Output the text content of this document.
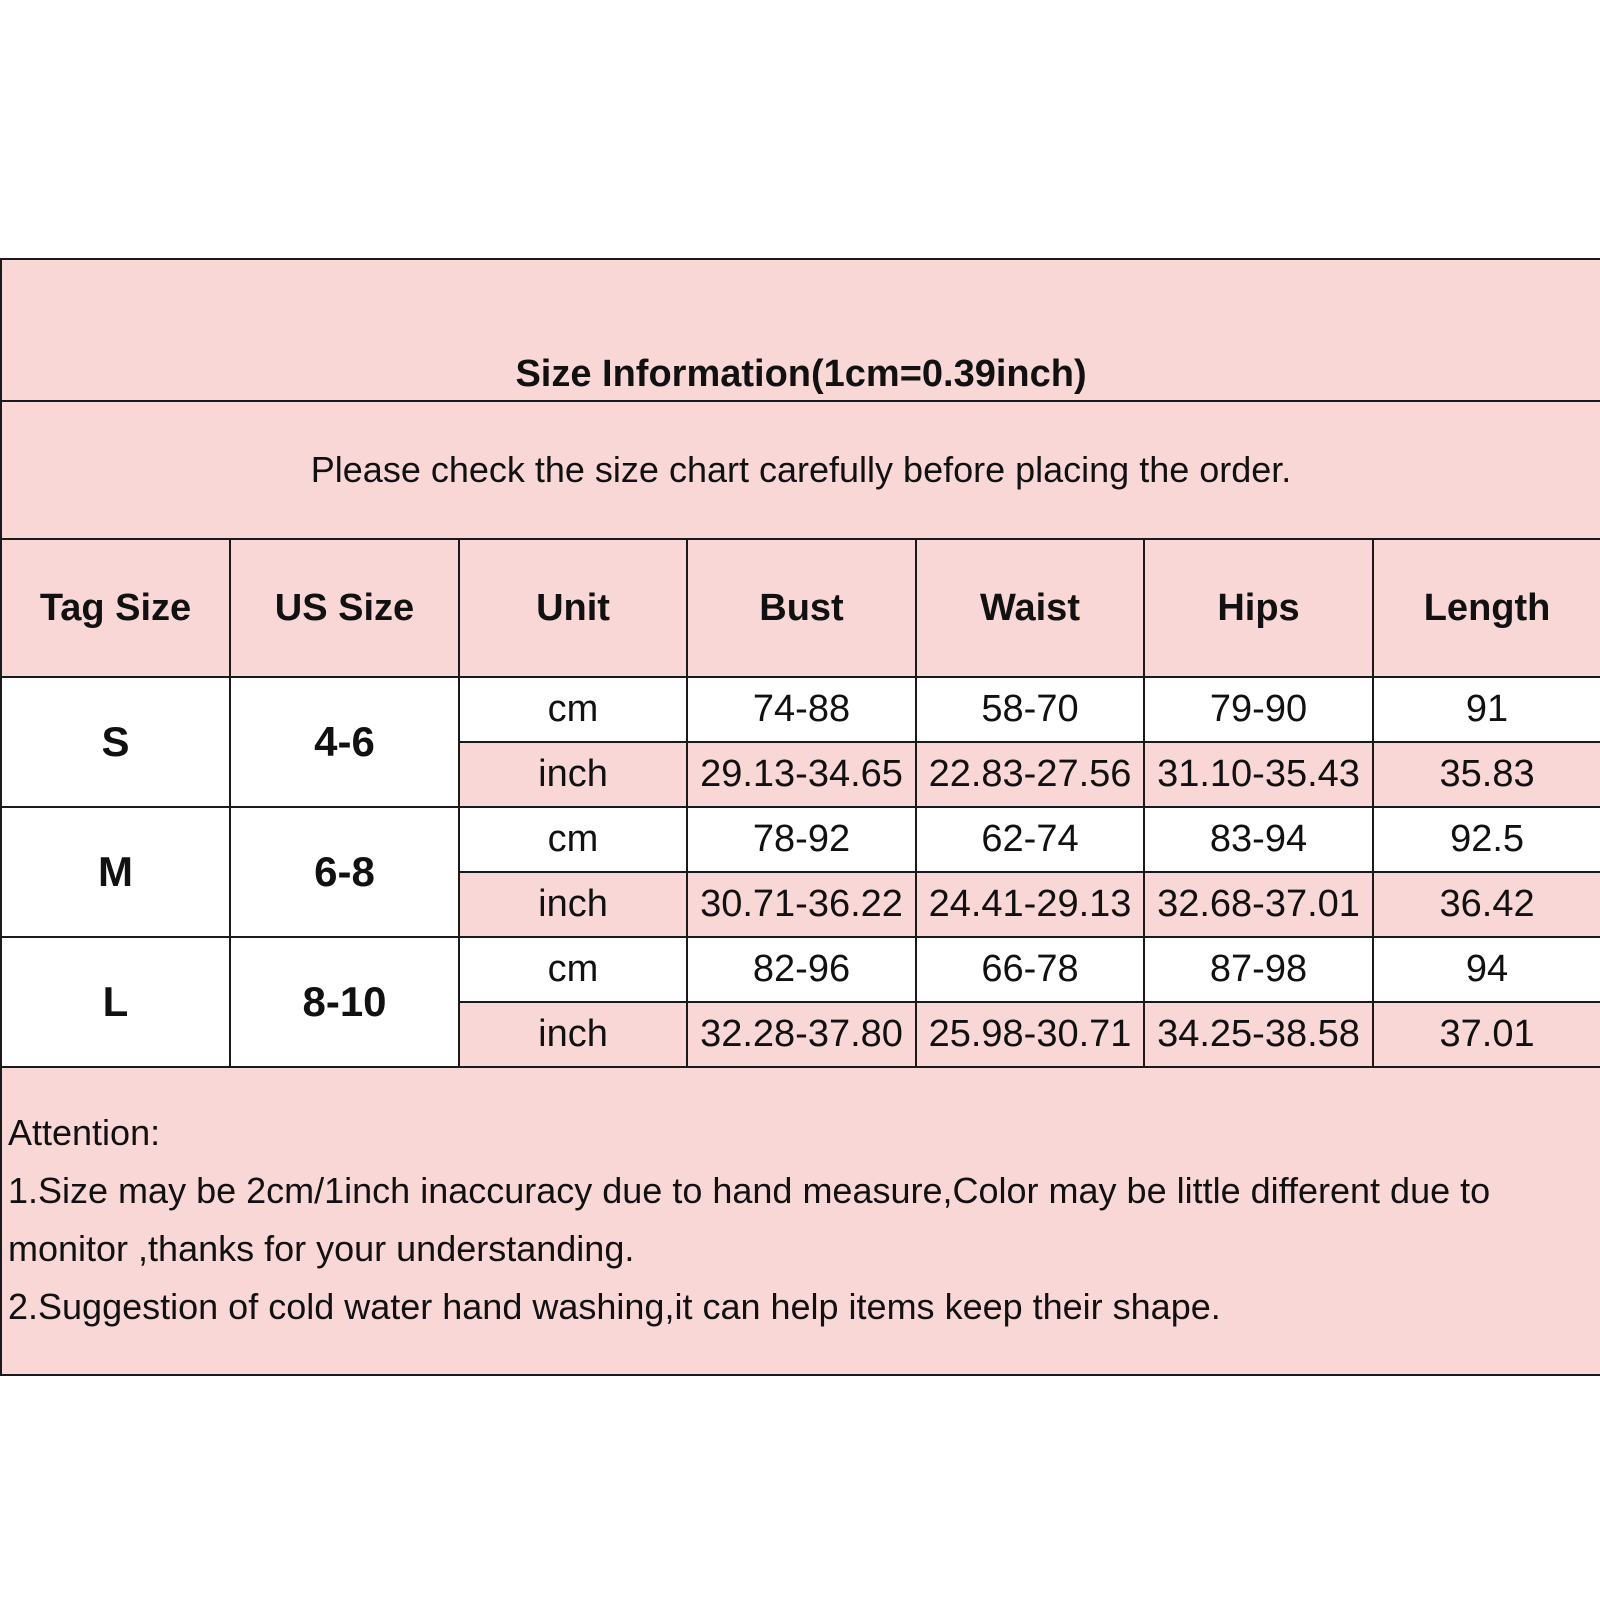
Size Information(1cm=0.39inch)						
Please check the size chart carefully before placing the order.						
Tag Size	US Size	Unit	Bust	Waist	Hips	Length
S	4-6	cm	74-88	58-70	79-90	91
		inch	29.13-34.65	22.83-27.56	31.10-35.43	35.83
M	6-8	cm	78-92	62-74	83-94	92.5
		inch	30.71-36.22	24.41-29.13	32.68-37.01	36.42
L	8-10	cm	82-96	66-78	87-98	94
		inch	32.28-37.80	25.98-30.71	34.25-38.58	37.01

Attention:

1.Size may be 2cm/1inch inaccuracy due to hand measure,Color may be little different due to monitor ,thanks for your understanding.

2.Suggestion of cold water hand washing,it can help items keep their shape.						
